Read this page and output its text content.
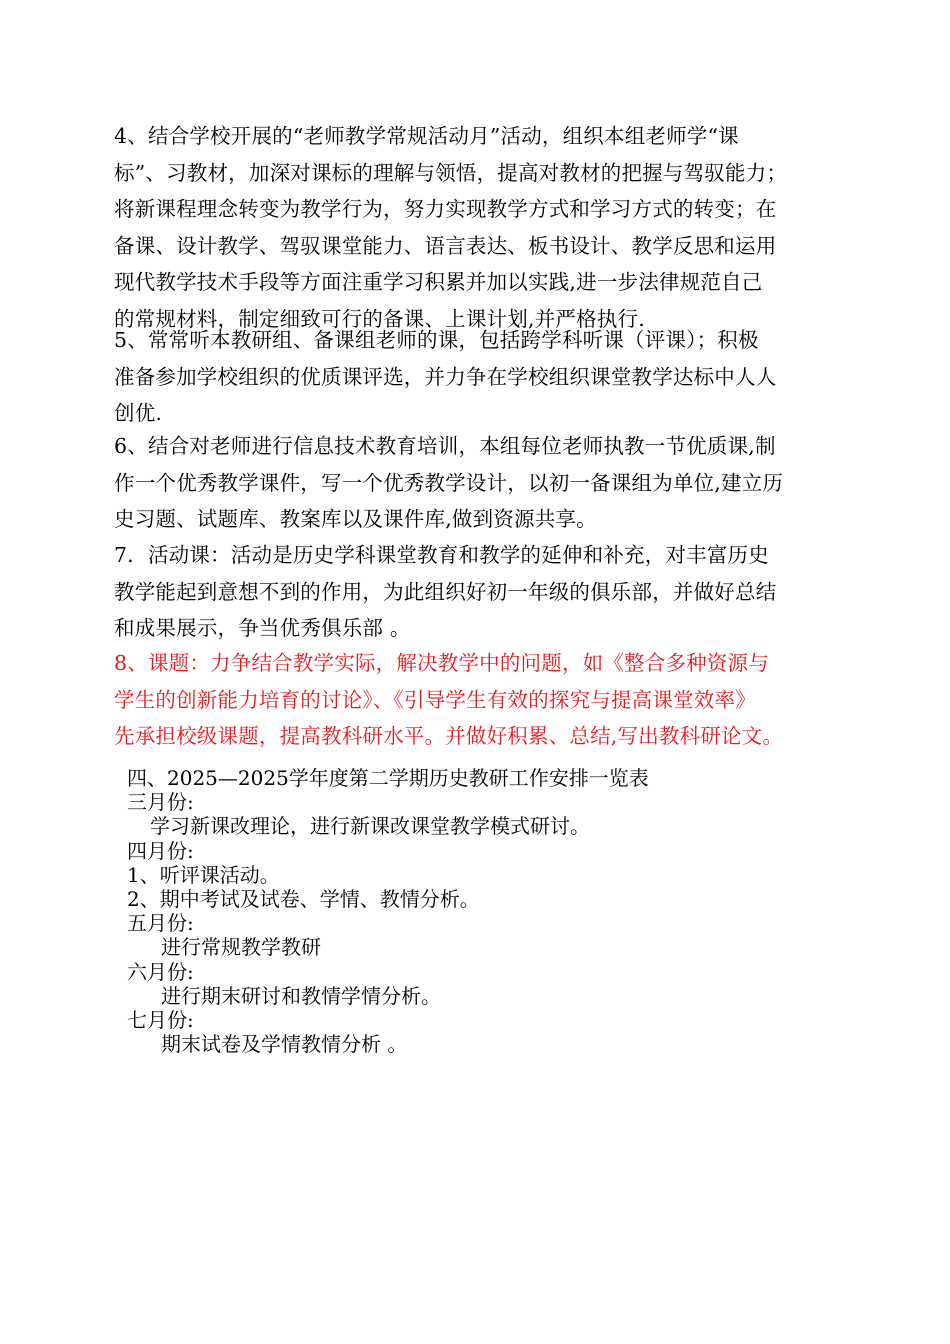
4、结合学校开展的“老师教学常规活动月”活动，组织本组老师学“课
标”、习教材，加深对课标的理解与领悟，提高对教材的把握与驾驭能力；
将新课程理念转变为教学行为，努力实现教学方式和学习方式的转变；在
备课、设计教学、驾驭课堂能力、语言表达、板书设计、教学反思和运用
现代教学技术手段等方面注重学习积累并加以实践,进一步法律规范自己
的常规材料，制定细致可行的备课、上课计划,并严格执行.
5、常常听本教研组、备课组老师的课，包括跨学科听课（评课）；积极
准备参加学校组织的优质课评选，并力争在学校组织课堂教学达标中人人
创优.
6、结合对老师进行信息技术教育培训，本组每位老师执教一节优质课,制
作一个优秀教学课件，写一个优秀教学设计，以初一备课组为单位,建立历
史习题、试题库、教案库以及课件库,做到资源共享。
7．活动课：活动是历史学科课堂教育和教学的延伸和补充，对丰富历史
教学能起到意想不到的作用，为此组织好初一年级的俱乐部，并做好总结
和成果展示，争当优秀俱乐部 。
8、课题：力争结合教学实际，解决教学中的问题，如《整合多种资源与
学生的创新能力培育的讨论》、《引导学生有效的探究与提高课堂效率》
先承担校级课题，提高教科研水平。并做好积累、总结,写出教科研论文。
四、2025—2025学年度第二学期历史教研工作安排一览表
三月份:
学习新课改理论，进行新课改课堂教学模式研讨。
四月份:
1、听评课活动。
2、期中考试及试卷、学情、教情分析。
五月份:
进行常规教学教研
六月份:
进行期末研讨和教情学情分析。
七月份:
期末试卷及学情教情分析 。
